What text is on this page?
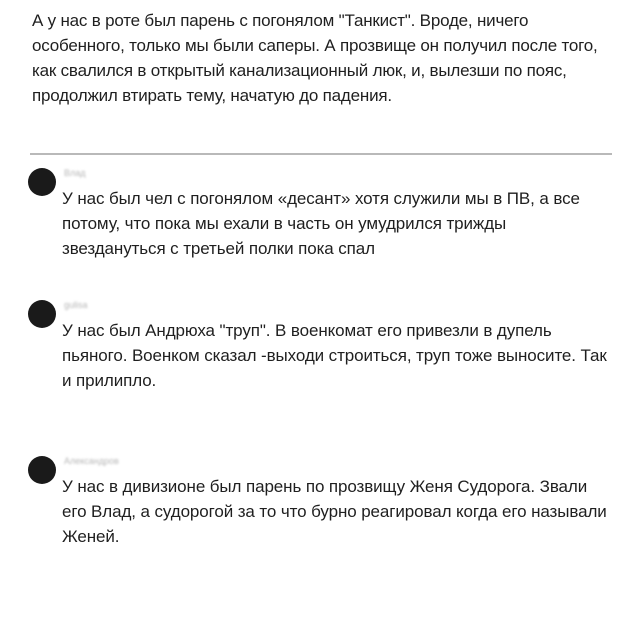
А у нас в роте был парень с погонялом "Танкист". Вроде, ничего особенного, только мы были саперы. А прозвище он получил после того, как свалился в открытый канализационный люк, и, вылезши по пояс, продолжил втирать тему, начатую до падения.

Влад

У нас был чел с погонялом «десант» хотя служили мы в ПВ, а все потому, что пока мы ехали в часть он умудрился трижды звездануться с третьей полки пока спал

gulisa

У нас был Андрюха "труп". В военкомат его привезли в дупель пьяного. Военком сказал -выходи строиться, труп тоже выносите. Так и прилипло.

Александров

У нас в дивизионе был парень по прозвищу Женя Судорога. Звали его Влад, а судорогой за то что бурно реагировал когда его называли Женей.
